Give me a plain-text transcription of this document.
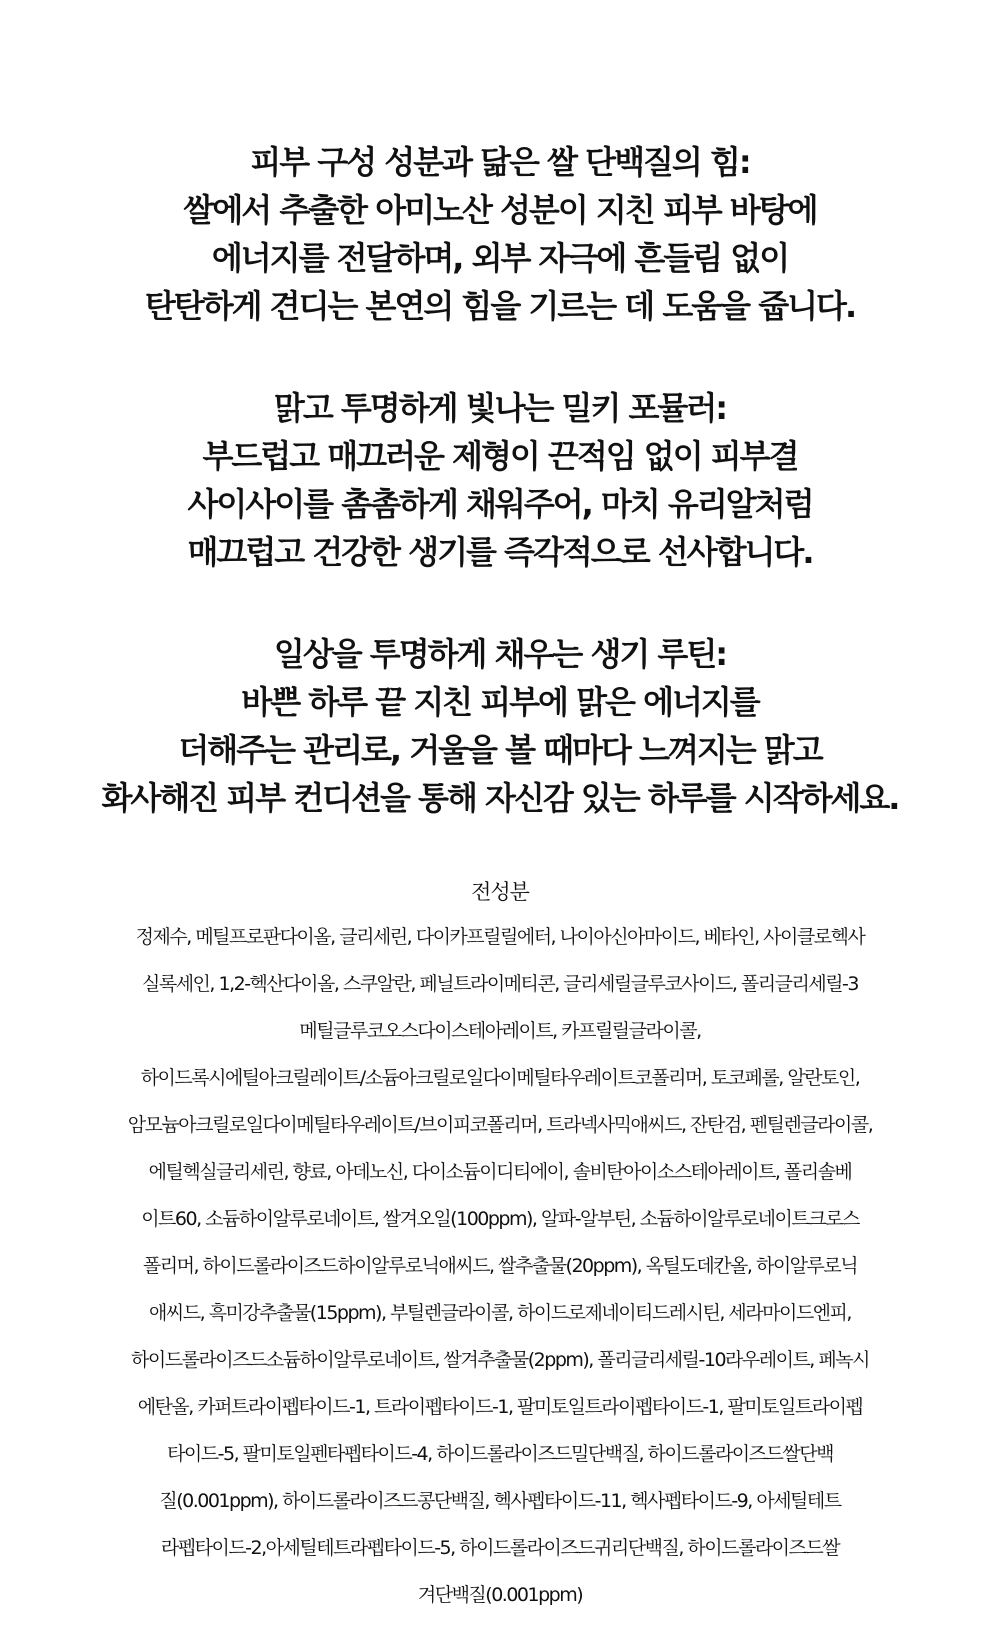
피부 구성 성분과 닮은 쌀 단백질의 힘:
쌀에서 추출한 아미노산 성분이 지친 피부 바탕에
에너지를 전달하며, 외부 자극에 흔들림 없이
탄탄하게 견디는 본연의 힘을 기르는 데 도움을 줍니다.
맑고 투명하게 빛나는 밀키 포뮬러:
부드럽고 매끄러운 제형이 끈적임 없이 피부결
사이사이를 촘촘하게 채워주어, 마치 유리알처럼
매끄럽고 건강한 생기를 즉각적으로 선사합니다.
일상을 투명하게 채우는 생기 루틴:
바쁜 하루 끝 지친 피부에 맑은 에너지를
더해주는 관리로, 거울을 볼 때마다 느껴지는 맑고
화사해진 피부 컨디션을 통해 자신감 있는 하루를 시작하세요.
전성분
정제수, 메틸프로판다이올, 글리세린, 다이카프릴릴에터, 나이아신아마이드, 베타인, 사이클로헥사
실록세인, 1,2-헥산다이올, 스쿠알란, 페닐트라이메티콘, 글리세릴글루코사이드, 폴리글리세릴-3
메틸글루코오스다이스테아레이트, 카프릴릴글라이콜,
하이드록시에틸아크릴레이트/소듐아크릴로일다이메틸타우레이트코폴리머, 토코페롤, 알란토인,
암모늄아크릴로일다이메틸타우레이트/브이피코폴리머, 트라넥사믹애씨드, 잔탄검, 펜틸렌글라이콜,
에틸헥실글리세린, 향료, 아데노신, 다이소듐이디티에이, 솔비탄아이소스테아레이트, 폴리솔베
이트60, 소듐하이알루로네이트, 쌀겨오일(100ppm), 알파-알부틴, 소듐하이알루로네이트크로스
폴리머, 하이드롤라이즈드하이알루로닉애씨드, 쌀추출물(20ppm), 옥틸도데칸올, 하이알루로닉
애씨드, 흑미강추출물(15ppm), 부틸렌글라이콜, 하이드로제네이티드레시틴, 세라마이드엔피,
하이드롤라이즈드소듐하이알루로네이트, 쌀겨추출물(2ppm), 폴리글리세릴-10라우레이트, 페녹시
에탄올, 카퍼트라이펩타이드-1, 트라이펩타이드-1, 팔미토일트라이펩타이드-1, 팔미토일트라이펩
타이드-5, 팔미토일펜타펩타이드-4, 하이드롤라이즈드밀단백질, 하이드롤라이즈드쌀단백
질(0.001ppm), 하이드롤라이즈드콩단백질, 헥사펩타이드-11, 헥사펩타이드-9, 아세틸테트
라펩타이드-2,아세틸테트라펩타이드-5, 하이드롤라이즈드귀리단백질, 하이드롤라이즈드쌀
겨단백질(0.001ppm)
